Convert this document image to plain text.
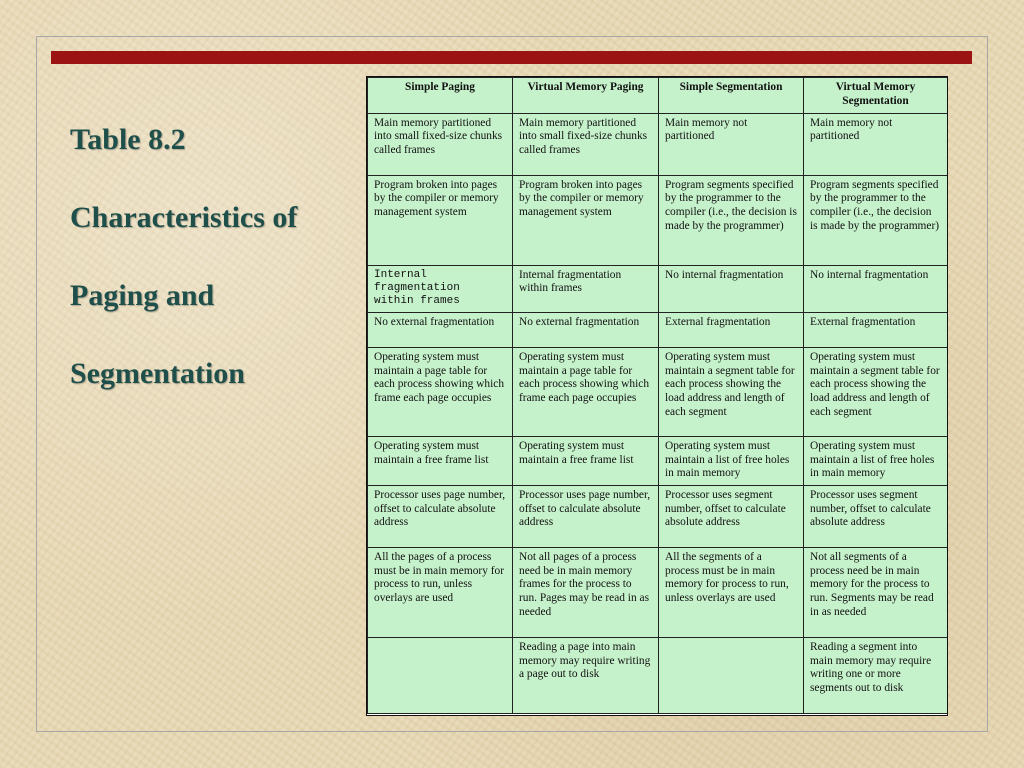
Table 8.2
Characteristics of
Paging and
Segmentation
Simple Paging	Virtual Memory Paging	Simple Segmentation	Virtual Memory Segmentation
Main memory partitioned into small fixed-size chunks called frames	Main memory partitioned into small fixed-size chunks called frames	Main memory not partitioned	Main memory not partitioned
Program broken into pages by the compiler or memory management system	Program broken into pages by the compiler or memory management system	Program segments specified by the programmer to the compiler (i.e., the decision is made by the programmer)	Program segments specified by the programmer to the compiler (i.e., the decision is made by the programmer)
Internal fragmentation within frames	Internal fragmentation within frames	No internal fragmentation	No internal fragmentation
No external fragmentation	No external fragmentation	External fragmentation	External fragmentation
Operating system must maintain a page table for each process showing which frame each page occupies	Operating system must maintain a page table for each process showing which frame each page occupies	Operating system must maintain a segment table for each process showing the load address and length of each segment	Operating system must maintain a segment table for each process showing the load address and length of each segment
Operating system must maintain a free frame list	Operating system must maintain a free frame list	Operating system must maintain a list of free holes in main memory	Operating system must maintain a list of free holes in main memory
Processor uses page number, offset to calculate absolute address	Processor uses page number, offset to calculate absolute address	Processor uses segment number, offset to calculate absolute address	Processor uses segment number, offset to calculate absolute address
All the pages of a process must be in main memory for process to run, unless overlays are used	Not all pages of a process need be in main memory frames for the process to run. Pages may be read in as needed	All the segments of a process must be in main memory for process to run, unless overlays are used	Not all segments of a process need be in main memory for the process to run. Segments may be read in as needed
	Reading a page into main memory may require writing a page out to disk		Reading a segment into main memory may require writing one or more segments out to disk
